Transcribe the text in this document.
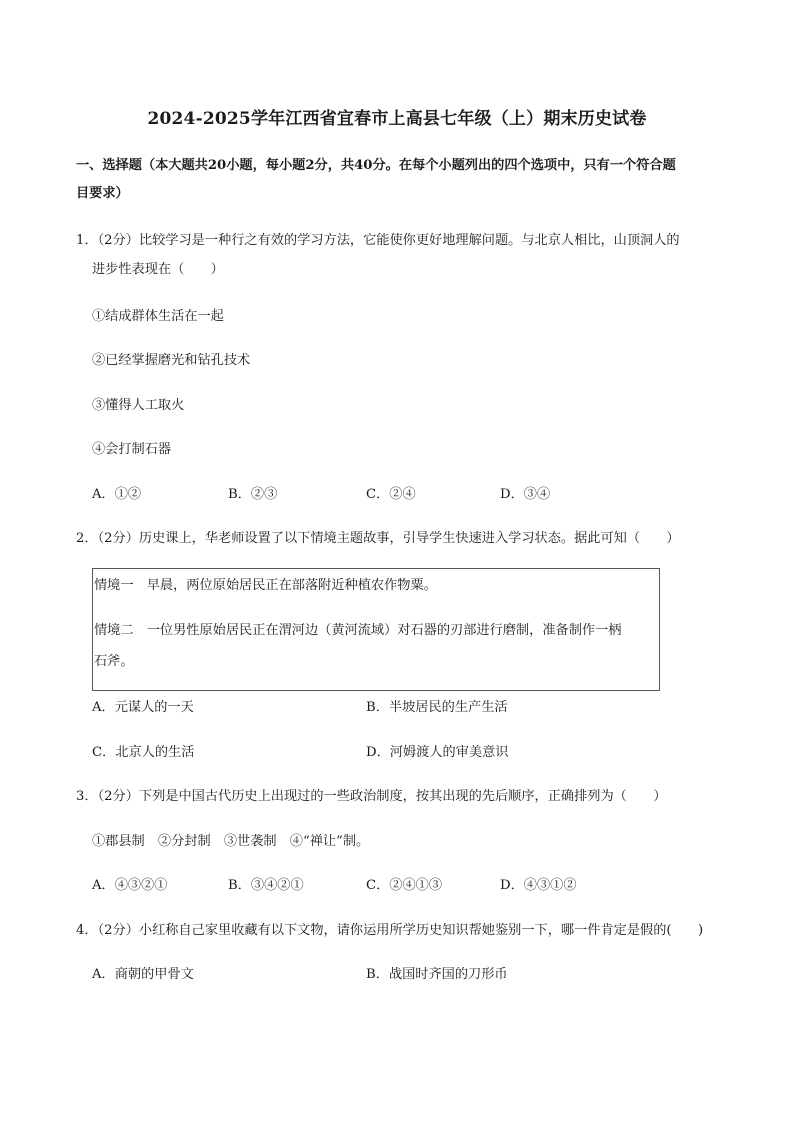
2024-2025学年江西省宜春市上高县七年级（上）期末历史试卷
一、选择题（本大题共20小题，每小题2分，共40分。在每个小题列出的四个选项中，只有一个符合题
目要求）
1．（2分）比较学习是一种行之有效的学习方法，它能使你更好地理解问题。与北京人相比，山顶洞人的
进步性表现在（　　）
①结成群体生活在一起
②已经掌握磨光和钻孔技术
③懂得人工取火
④会打制石器
A．①②	B．②③	C．②④	D．③④
2．（2分）历史课上，华老师设置了以下情境主题故事，引导学生快速进入学习状态。据此可知（　　）
情境一　早晨，两位原始居民正在部落附近种植农作物粟。
情境二　一位男性原始居民正在渭河边（黄河流域）对石器的刃部进行磨制，准备制作一柄
石斧。
A．元谋人的一天	B．半坡居民的生产生活
C．北京人的生活	D．河姆渡人的审美意识
3．（2分）下列是中国古代历史上出现过的一些政治制度，按其出现的先后顺序，正确排列为（　　）
①郡县制　②分封制　③世袭制　④“禅让”制。
A．④③②①	B．③④②①	C．②④①③	D．④③①②
4．（2分）小红称自己家里收藏有以下文物，请你运用所学历史知识帮她鉴别一下，哪一件肯定是假的(　　)
A．商朝的甲骨文	B．战国时齐国的刀形币
